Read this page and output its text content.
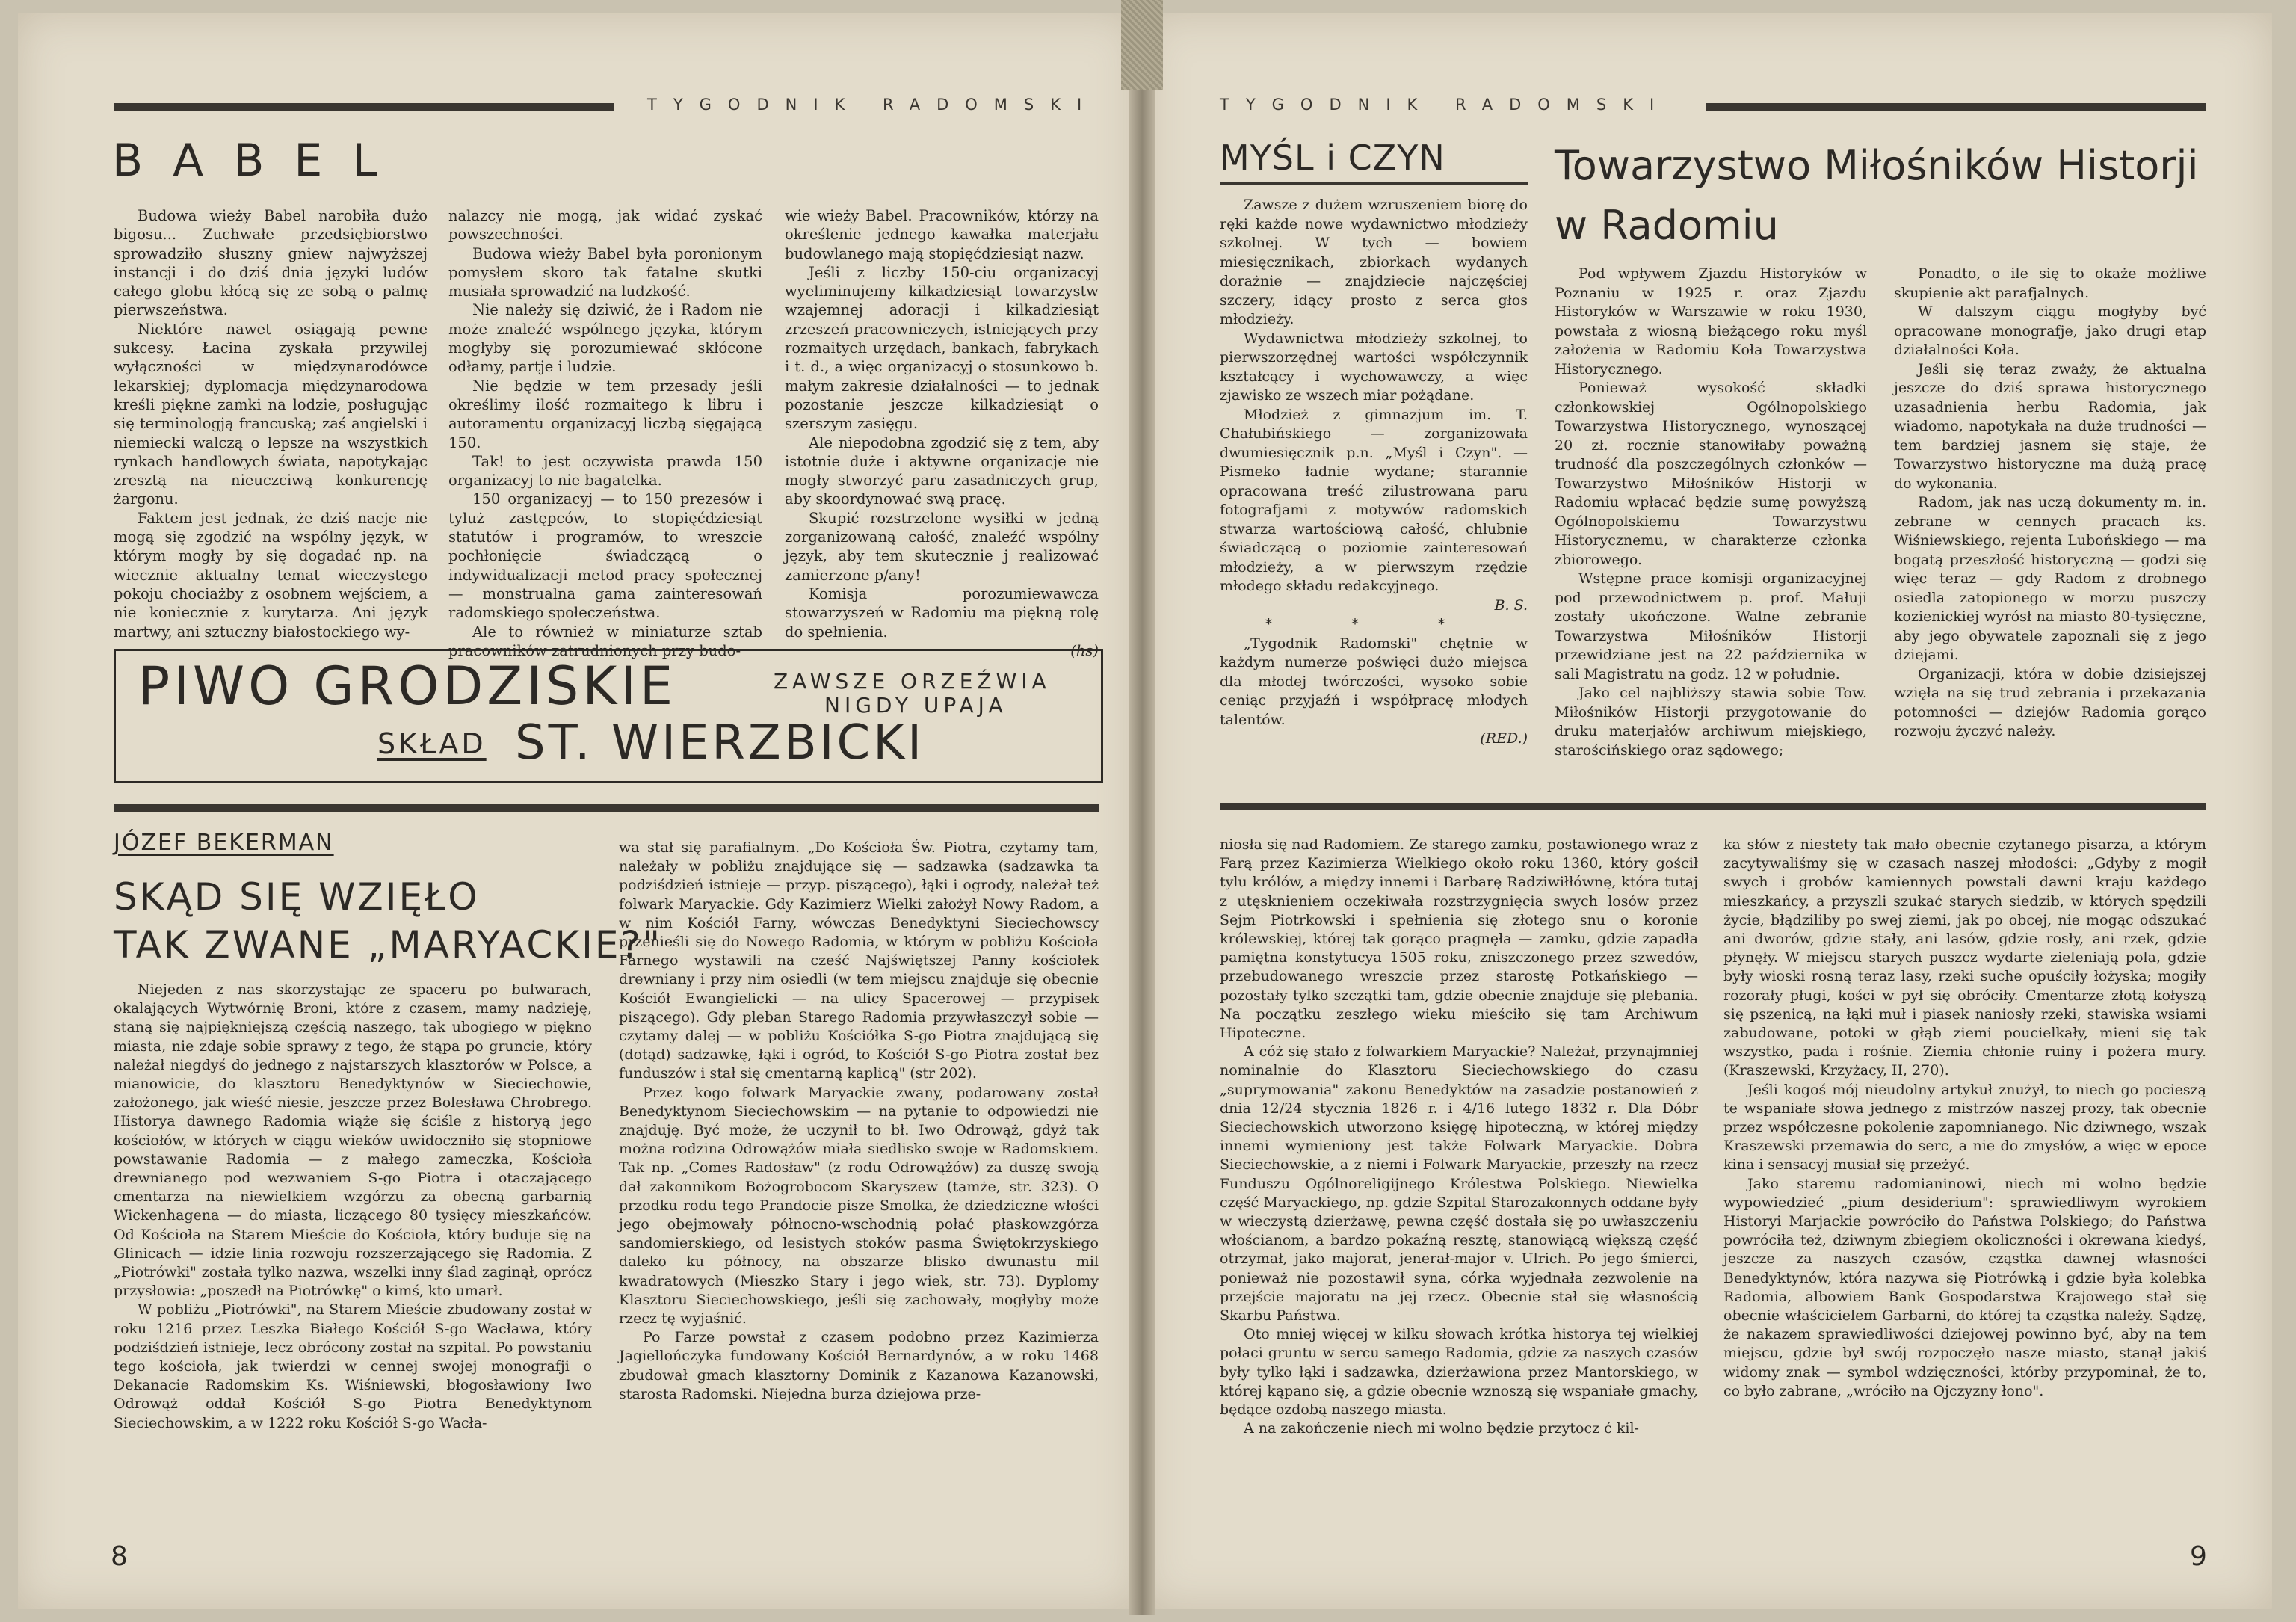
TYGODNIK RADOMSKI
BABEL

Budowa wieży Babel narobiła dużo bigosu... Zuchwałe przedsiębiorstwo sprowadziło słuszny gniew najwyższej instancji i do dziś dnia języki ludów całego globu kłócą się ze sobą o palmę pierwszeństwa.

Niektóre nawet osiągają pewne sukcesy. Łacina zyskała przywilej wyłączności w międzynarodówce lekarskiej; dyplomacja międzynarodowa kreśli piękne zamki na lodzie, posługując się terminologją francuską; zaś angielski i niemiecki walczą o lepsze na wszystkich rynkach handlowych świata, napotykając zresztą na nieuczciwą konkurencję żargonu.

Faktem jest jednak, że dziś nacje nie mogą się zgodzić na wspólny język, w którym mogły by się dogadać np. na wiecznie aktualny temat wieczystego pokoju chociażby z osobnem wejściem, a nie koniecznie z kurytarza. Ani język martwy, ani sztuczny białostockiego wy-

nalazcy nie mogą, jak widać zyskać powszechności.

Budowa wieży Babel była poronionym pomysłem skoro tak fatalne skutki musiała sprowadzić na ludzkość.

Nie należy się dziwić, że i Radom nie może znaleźć wspólnego języka, którym mogłyby się porozumiewać skłócone odłamy, partje i ludzie.

Nie będzie w tem przesady jeśli określimy ilość rozmaitego k libru i autoramentu organizacyj liczbą sięgającą 150.

Tak! to jest oczywista prawda 150 organizacyj to nie bagatelka.

150 organizacyj — to 150 prezesów i tyluż zastępców, to stopięćdziesiąt statutów i programów, to wreszcie pochłonięcie świadczącą o indywidualizacji metod pracy społecznej — monstrualna gama zainteresowań radomskiego społeczeństwa.

Ale to również w miniaturze sztab pracowników zatrudnionych przy budo-

wie wieży Babel. Pracowników, którzy na określenie jednego kawałka materjału budowlanego mają stopięćdziesiąt nazw.

Jeśli z liczby 150-ciu organizacyj wyeliminujemy kilkadziesiąt towarzystw wzajemnej adoracji i kilkadziesiąt zrzeszeń pracowniczych, istniejących przy rozmaitych urzędach, bankach, fabrykach i t. d., a więc organizacyj o stosunkowo b. małym zakresie działalności — to jednak pozostanie jeszcze kilkadziesiąt o szerszym zasięgu.

Ale niepodobna zgodzić się z tem, aby istotnie duże i aktywne organizacje nie mogły stworzyć paru zasadniczych grup, aby skoordynować swą pracę.

Skupić rozstrzelone wysiłki w jedną zorganizowaną całość, znaleźć wspólny język, aby tem skutecznie j realizować zamierzone p/any!

Komisja porozumiewawcza stowarzyszeń w Radomiu ma piękną rolę do spełnienia.

(hs)

PIWO GRODZISKIE	ZAWSZE ORZEŹWIA
NIGDY UPAJA
SKŁAD ST. WIERZBICKI
JÓZEF BEKERMAN
SKĄD SIĘ WZIĘŁO
TAK ZWANE „MARYACKIE?"

Niejeden z nas skorzystając ze spaceru po bulwarach, okalających Wytwórnię Broni, które z czasem, mamy nadzieję, staną się najpiękniejszą częścią naszego, tak ubogiego w piękno miasta, nie zdaje sobie sprawy z tego, że stąpa po gruncie, który należał niegdyś do jednego z najstarszych klasztorów w Polsce, a mianowicie, do klasztoru Benedyktynów w Sieciechowie, założonego, jak wieść niesie, jeszcze przez Bolesława Chrobrego. Historya dawnego Radomia wiąże się ściśle z historyą jego kościołów, w których w ciągu wieków uwidoczniło się stopniowe powstawanie Radomia — z małego zameczka, Kościoła drewnianego pod wezwaniem S-go Piotra i otaczającego cmentarza na niewielkiem wzgórzu za obecną garbarnią Wickenhagena — do miasta, liczącego 80 tysięcy mieszkańców. Od Kościoła na Starem Mieście do Kościoła, który buduje się na Glinicach — idzie linia rozwoju rozszerzającego się Radomia. Z „Piotrówki" została tylko nazwa, wszelki inny ślad zaginął, oprócz przysłowia: „poszedł na Piotrówkę" o kimś, kto umarł.

W pobliżu „Piotrówki", na Starem Mieście zbudowany został w roku 1216 przez Leszka Białego Kościół S-go Wacława, który podziśdzień istnieje, lecz obrócony został na szpital. Po powstaniu tego kościoła, jak twierdzi w cennej swojej monografji o Dekanacie Radomskim Ks. Wiśniewski, błogosławiony Iwo Odrowąż oddał Kościół S-go Piotra Benedyktynom Sieciechowskim, a w 1222 roku Kościół S-go Wacła-

wa stał się parafialnym. „Do Kościoła Św. Piotra, czytamy tam, należały w pobliżu znajdujące się — sadzawka (sadzawka ta podziśdzień istnieje — przyp. piszącego), łąki i ogrody, należał też folwark Maryackie. Gdy Kazimierz Wielki założył Nowy Radom, a w nim Kościół Farny, wówczas Benedyktyni Sieciechowscy przenieśli się do Nowego Radomia, w którym w pobliżu Kościoła Farnego wystawili na cześć Najświętszej Panny kościołek drewniany i przy nim osiedli (w tem miejscu znajduje się obecnie Kościół Ewangielicki — na ulicy Spacerowej — przypisek piszącego). Gdy pleban Starego Radomia przywłaszczył sobie — czytamy dalej — w pobliżu Kościółka S-go Piotra znajdującą się (dotąd) sadzawkę, łąki i ogród, to Kościół S-go Piotra został bez funduszów i stał się cmentarną kaplicą" (str 202).

Przez kogo folwark Maryackie zwany, podarowany został Benedyktynom Sieciechowskim — na pytanie to odpowiedzi nie znajduję. Być może, że uczynił to bł. Iwo Odrowąż, gdyż tak można rodzina Odrowążów miała siedlisko swoje w Radomskiem. Tak np. „Comes Radosław" (z rodu Odrowążów) za duszę swoją dał zakonnikom Bożogrobocom Skaryszew (tamże, str. 323). O przodku rodu tego Prandocie pisze Smolka, że dziedziczne włości jego obejmowały północno-wschodnią połać płaskowzgórza sandomierskiego, od lesistych stoków pasma Świętokrzyskiego daleko ku północy, na obszarze blisko dwunastu mil kwadratowych (Mieszko Stary i jego wiek, str. 73). Dyplomy Klasztoru Sieciechowskiego, jeśli się zachowały, mogłyby może rzecz tę wyjaśnić.

Po Farze powstał z czasem podobno przez Kazimierza Jagiellończyka fundowany Kościół Bernardynów, a w roku 1468 zbudował gmach klasztorny Dominik z Kazanowa Kazanowski, starosta Radomski. Niejedna burza dziejowa prze-

8
TYGODNIK RADOMSKI
MYŚL i CZYN

Zawsze z dużem wzruszeniem biorę do ręki każde nowe wydawnictwo młodzieży szkolnej. W tych — bowiem miesięcznikach, zbiorkach wydanych dorażnie — znajdziecie najczęściej szczery, idący prosto z serca głos młodzieży.

Wydawnictwa młodzieży szkolnej, to pierwszorzędnej wartości współczynnik kształcący i wychowawczy, a więc zjawisko ze wszech miar pożądane.

Młodzież z gimnazjum im. T. Chałubińskiego — zorganizowała dwumiesięcznik p.n. „Myśl i Czyn". — Pismeko ładnie wydane; starannie opracowana treść zilustrowana paru fotografjami z motywów radomskich stwarza wartościową całość, chlubnie świadczącą o poziomie zainteresowań młodzieży, a w pierwszym rzędzie młodego składu redakcyjnego.

B. S.

* * *

„Tygodnik Radomski" chętnie w każdym numerze poświęci dużo miejsca dla młodej twórczości, wysoko sobie ceniąc przyjaźń i współpracę młodych talentów.

(RED.)

Towarzystwo Miłośników Historji
w Radomiu

Pod wpływem Zjazdu Historyków w Poznaniu w 1925 r. oraz Zjazdu Historyków w Warszawie w roku 1930, powstała z wiosną bieżącego roku myśl założenia w Radomiu Koła Towarzystwa Historycznego.

Ponieważ wysokość składki członkowskiej Ogólnopolskiego Towarzystwa Historycznego, wynoszącej 20 zł. rocznie stanowiłaby poważną trudność dla poszczególnych członków — Towarzystwo Miłośników Historji w Radomiu wpłacać będzie sumę powyższą Ogólnopolskiemu Towarzystwu Historycznemu, w charakterze członka zbiorowego.

Wstępne prace komisji organizacyjnej pod przewodnictwem p. prof. Małuji zostały ukończone. Walne zebranie Towarzystwa Miłośników Historji przewidziane jest na 22 października w sali Magistratu na godz. 12 w południe.

Jako cel najbliższy stawia sobie Tow. Miłośników Historji przygotowanie do druku materjałów archiwum miejskiego, starościńskiego oraz sądowego;

Ponadto, o ile się to okaże możliwe skupienie akt parafjalnych.

W dalszym ciągu mogłyby być opracowane monografje, jako drugi etap działalności Koła.

Jeśli się teraz zważy, że aktualna jeszcze do dziś sprawa historycznego uzasadnienia herbu Radomia, jak wiadomo, napotykała na duże trudności — tem bardziej jasnem się staje, że Towarzystwo historyczne ma dużą pracę do wykonania.

Radom, jak nas uczą dokumenty m. in. zebrane w cennych pracach ks. Wiśniewskiego, rejenta Lubońskiego — ma bogatą przeszłość historyczną — godzi się więc teraz — gdy Radom z drobnego osiedla zatopionego w morzu puszczy kozienickiej wyrósł na miasto 80-tysięczne, aby jego obywatele zapoznali się z jego dziejami.

Organizacji, która w dobie dzisiejszej wzięła na się trud zebrania i przekazania potomności — dziejów Radomia gorąco rozwoju życzyć należy.

niosła się nad Radomiem. Ze starego zamku, postawionego wraz z Farą przez Kazimierza Wielkiego około roku 1360, który gościł tylu królów, a między innemi i Barbarę Radziwiłłównę, która tutaj z utęsknieniem oczekiwała rozstrzygnięcia swych losów przez Sejm Piotrkowski i spełnienia się złotego snu o koronie królewskiej, której tak gorąco pragnęła — zamku, gdzie zapadła pamiętna konstytucya 1505 roku, zniszczonego przez szwedów, przebudowanego wreszcie przez starostę Potkańskiego — pozostały tylko szczątki tam, gdzie obecnie znajduje się plebania. Na początku zeszłego wieku mieściło się tam Archiwum Hipoteczne.

A cóż się stało z folwarkiem Maryackie? Należał, przynajmniej nominalnie do Klasztoru Sieciechowskiego do czasu „suprymowania" zakonu Benedyktów na zasadzie postanowień z dnia 12/24 stycznia 1826 r. i 4/16 lutego 1832 r. Dla Dóbr Sieciechowskich utworzono księgę hipoteczną, w której między innemi wymieniony jest także Folwark Maryackie. Dobra Sieciechowskie, a z niemi i Folwark Maryackie, przeszły na rzecz Funduszu Ogólnoreligijnego Królestwa Polskiego. Niewielka część Maryackiego, np. gdzie Szpital Starozakonnych oddane były w wieczystą dzierżawę, pewna część dostała się po uwłaszczeniu włościanom, a bardzo pokaźną resztę, stanowiącą większą część otrzymał, jako majorat, jenerał-major v. Ulrich. Po jego śmierci, ponieważ nie pozostawił syna, córka wyjednała zezwolenie na przejście majoratu na jej rzecz. Obecnie stał się własnością Skarbu Państwa.

Oto mniej więcej w kilku słowach krótka historya tej wielkiej połaci gruntu w sercu samego Radomia, gdzie za naszych czasów były tylko łąki i sadzawka, dzierżawiona przez Mantorskiego, w której kąpano się, a gdzie obecnie wznoszą się wspaniałe gmachy, będące ozdobą naszego miasta.

A na zakończenie niech mi wolno będzie przytocz ć kil-

ka słów z niestety tak mało obecnie czytanego pisarza, a którym zacytywaliśmy się w czasach naszej młodości: „Gdyby z mogił swych i grobów kamiennych powstali dawni kraju każdego mieszkańcy, a przyszli szukać starych siedzib, w których spędzili życie, błądziliby po swej ziemi, jak po obcej, nie mogąc odszukać ani dworów, gdzie stały, ani lasów, gdzie rosły, ani rzek, gdzie płynęły. W miejscu starych puszcz wydarte zieleniają pola, gdzie były wioski rosną teraz lasy, rzeki suche opuściły łożyska; mogiły rozorały pługi, kości w pył się obróciły. Cmentarze złotą kołyszą się pszenicą, na łąki muł i piasek naniosły rzeki, stawiska wsiami zabudowane, potoki w głąb ziemi poucielkały, mieni się tak wszystko, pada i rośnie. Ziemia chłonie ruiny i pożera mury. (Kraszewski, Krzyżacy, II, 270).

Jeśli kogoś mój nieudolny artykuł znużył, to niech go pocieszą te wspaniałe słowa jednego z mistrzów naszej prozy, tak obecnie przez współczesne pokolenie zapomnianego. Nic dziwnego, wszak Kraszewski przemawia do serc, a nie do zmysłów, a więc w epoce kina i sensacyj musiał się przeżyć.

Jako staremu radomianinowi, niech mi wolno będzie wypowiedzieć „pium desiderium": sprawiedliwym wyrokiem Historyi Marjackie powróciło do Państwa Polskiego; do Państwa powróciła też, dziwnym zbiegiem okoliczności i okrewana kiedyś, jeszcze za naszych czasów, cząstka dawnej własności Benedyktynów, która nazywa się Piotrówką i gdzie była kolebka Radomia, albowiem Bank Gospodarstwa Krajowego stał się obecnie właścicielem Garbarni, do której ta cząstka należy. Sądzę, że nakazem sprawiedliwości dziejowej powinno być, aby na tem miejscu, gdzie był swój rozpoczęło nasze miasto, stanął jakiś widomy znak — symbol wdzięczności, którby przypominał, że to, co było zabrane, „wróciło na Ojczyzny łono".

9
